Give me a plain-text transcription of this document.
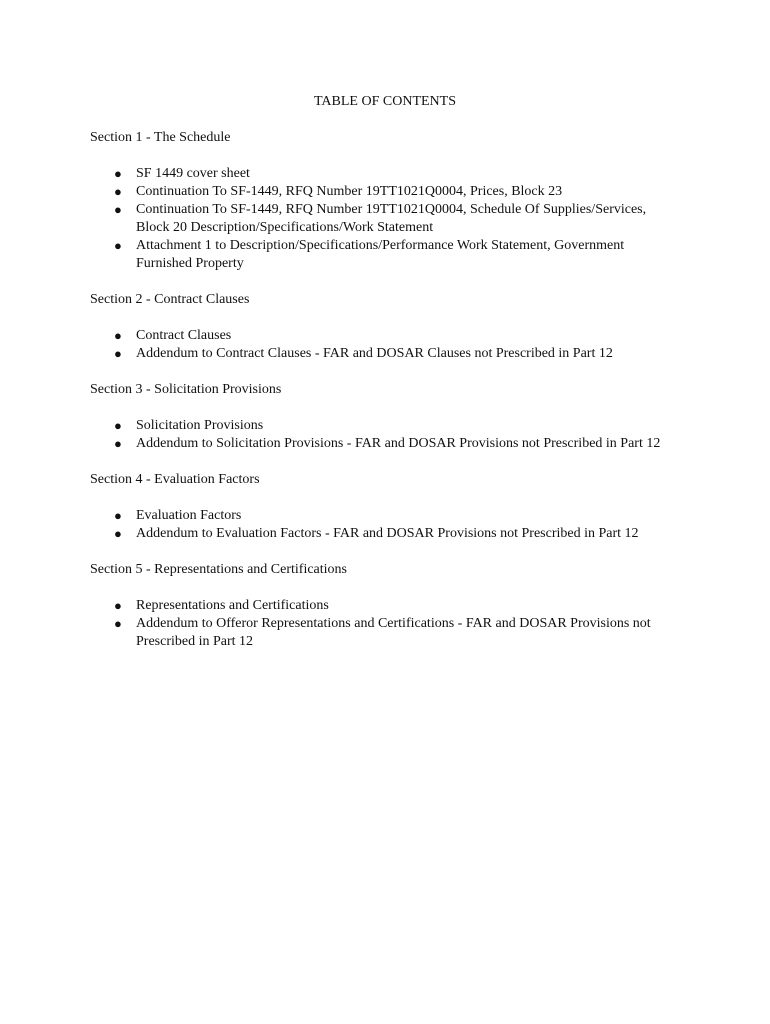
TABLE OF CONTENTS
Section 1 - The Schedule
● SF 1449 cover sheet
● Continuation To SF-1449, RFQ Number 19TT1021Q0004, Prices, Block 23
● Continuation To SF-1449, RFQ Number 19TT1021Q0004, Schedule Of Supplies/Services, Block 20 Description/Specifications/Work Statement
● Attachment 1 to Description/Specifications/Performance Work Statement, Government Furnished Property
Section 2 - Contract Clauses
● Contract Clauses
● Addendum to Contract Clauses - FAR and DOSAR Clauses not Prescribed in Part 12
Section 3 - Solicitation Provisions
● Solicitation Provisions
● Addendum to Solicitation Provisions - FAR and DOSAR Provisions not Prescribed in Part 12
Section 4 - Evaluation Factors
● Evaluation Factors
● Addendum to Evaluation Factors - FAR and DOSAR Provisions not Prescribed in Part 12
Section 5 - Representations and Certifications
● Representations and Certifications
● Addendum to Offeror Representations and Certifications - FAR and DOSAR Provisions not Prescribed in Part 12
